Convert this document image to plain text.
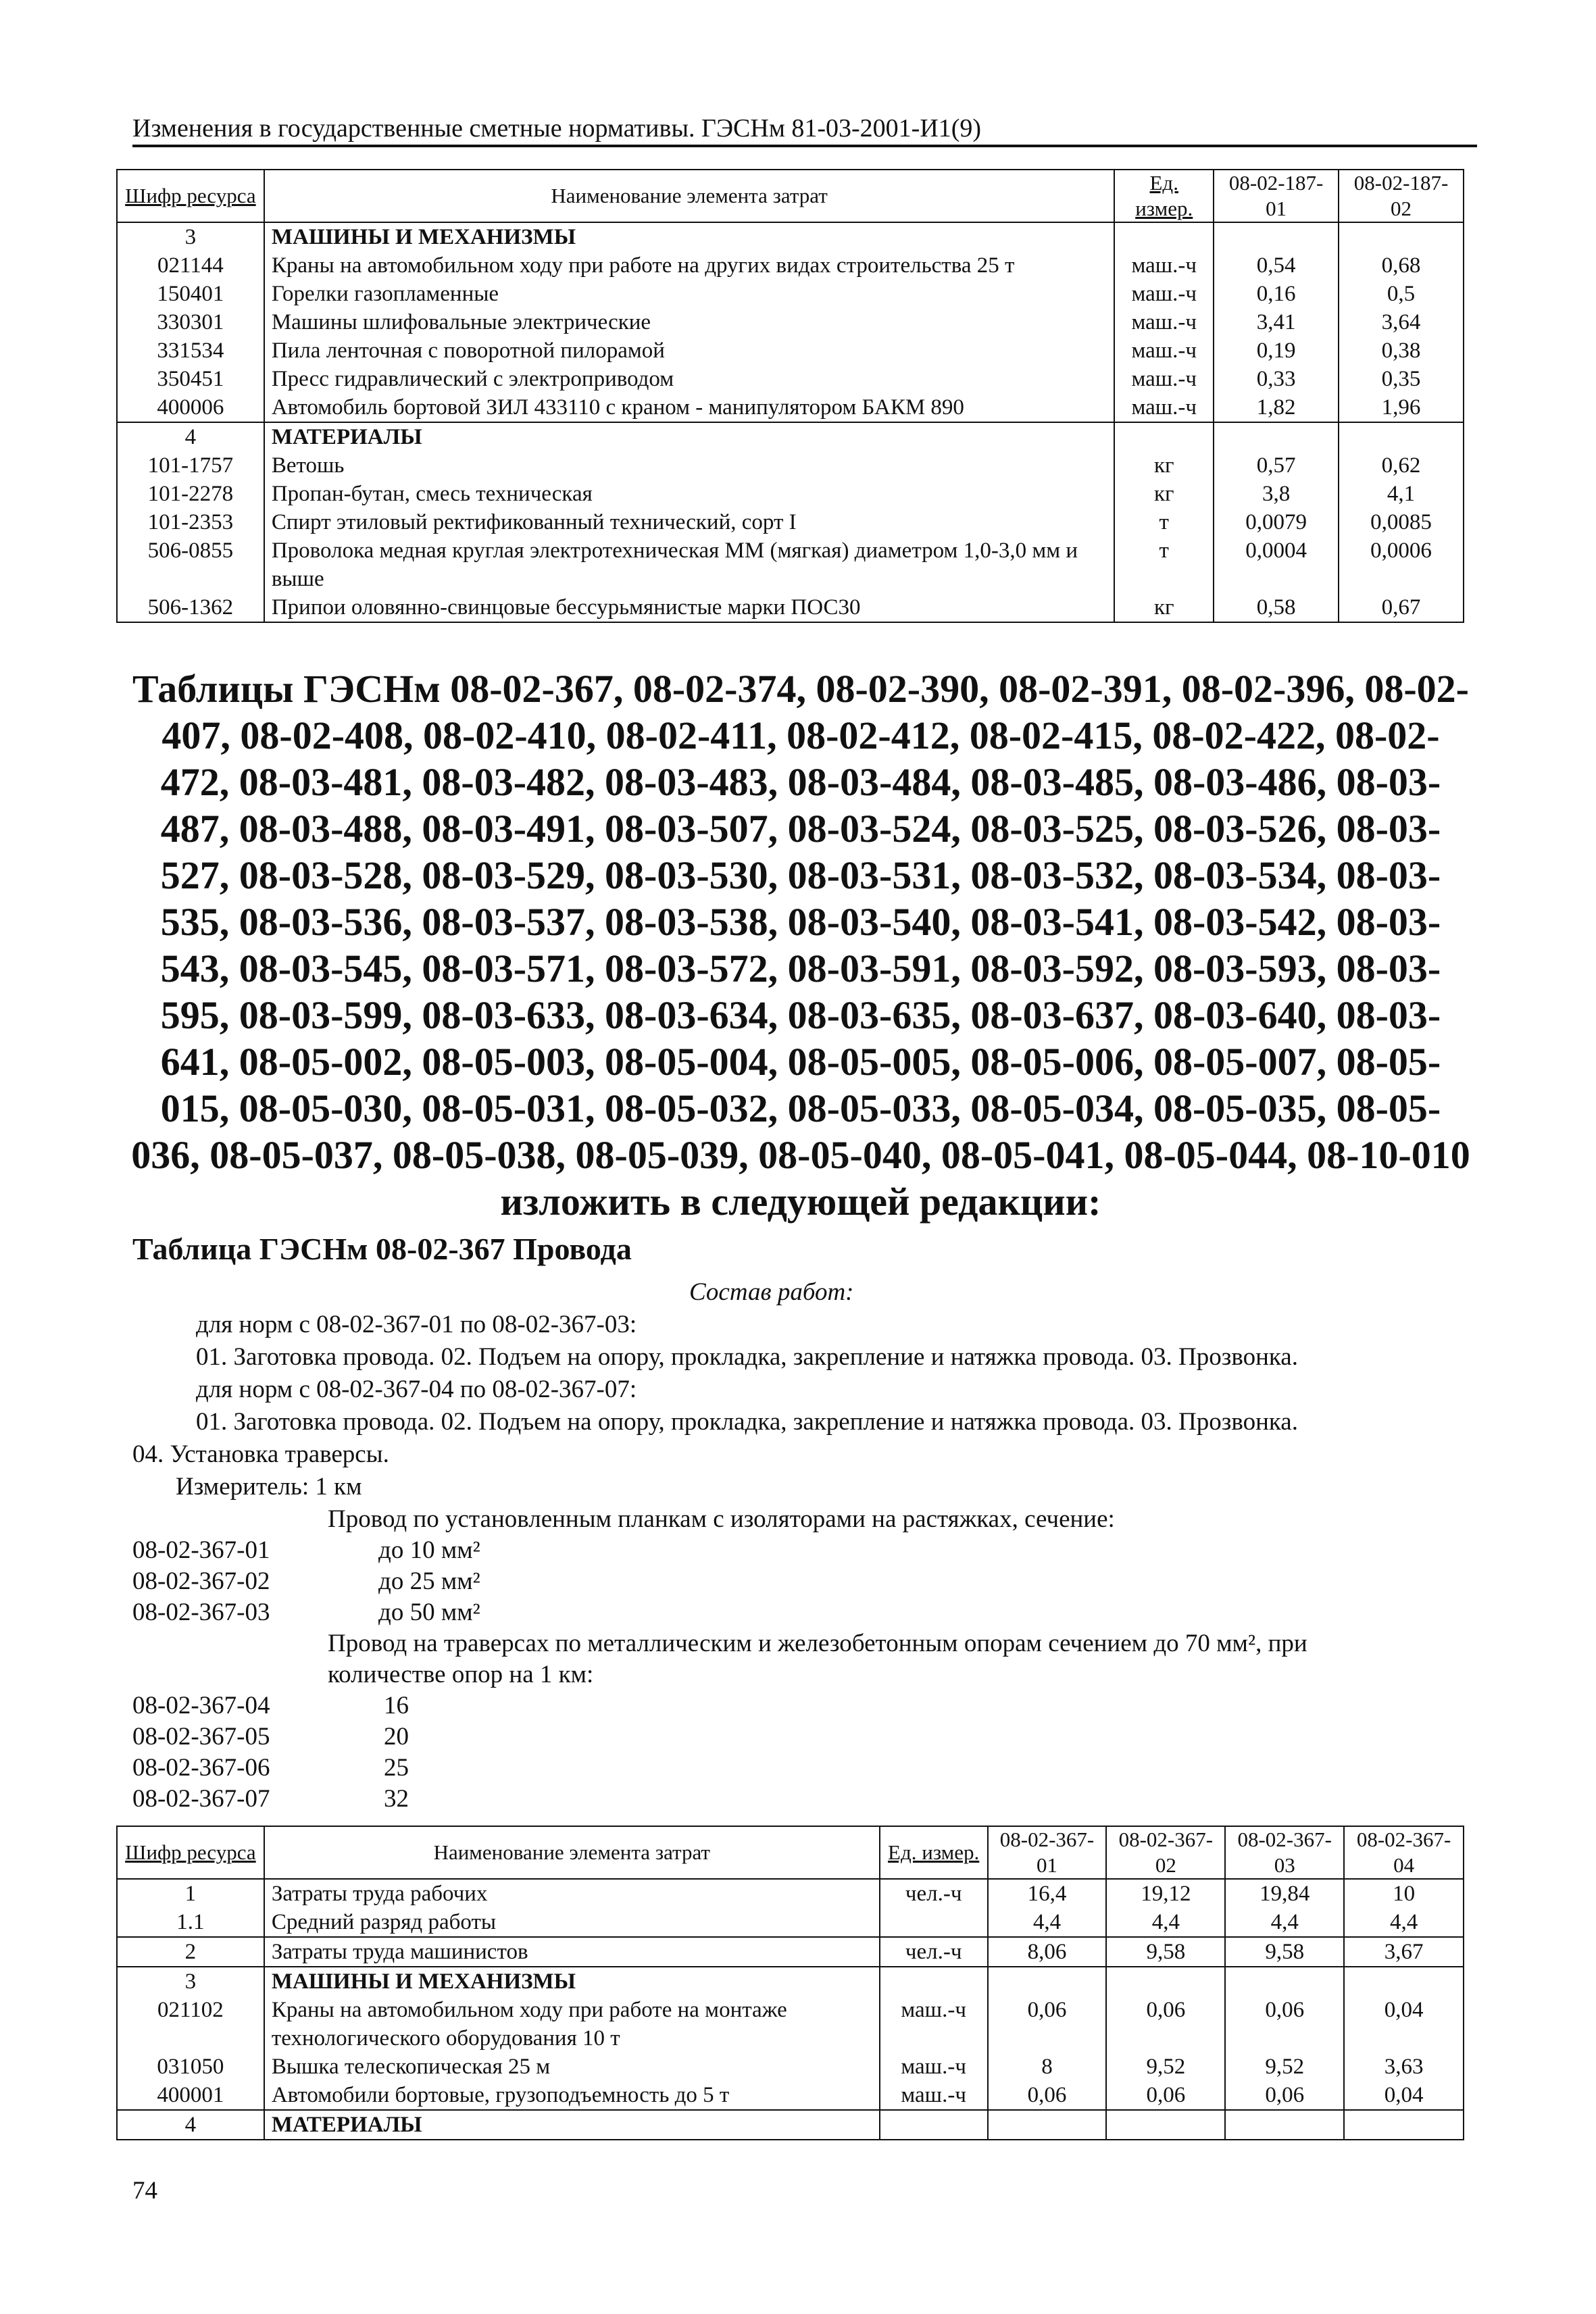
Изменения в государственные сметные нормативы. ГЭСНм 81-03-2001-И1(9)
Шифр ресурса	Наименование элемента затрат	Ед. измер.	08-02-187-01	08-02-187-02
3	МАШИНЫ И МЕХАНИЗМЫ			
021144	Краны на автомобильном ходу при работе на других видах строительства 25 т	маш.-ч	0,54	0,68
150401	Горелки газопламенные	маш.-ч	0,16	0,5
330301	Машины шлифовальные электрические	маш.-ч	3,41	3,64
331534	Пила ленточная с поворотной пилорамой	маш.-ч	0,19	0,38
350451	Пресс гидравлический с электроприводом	маш.-ч	0,33	0,35
400006	Автомобиль бортовой ЗИЛ 433110 с краном - манипулятором БАКМ 890	маш.-ч	1,82	1,96
4	МАТЕРИАЛЫ			
101-1757	Ветошь	кг	0,57	0,62
101-2278	Пропан-бутан, смесь техническая	кг	3,8	4,1
101-2353	Спирт этиловый ректификованный технический, сорт I	т	0,0079	0,0085
506-0855	Проволока медная круглая электротехническая ММ (мягкая) диаметром 1,0-3,0 мм и выше	т	0,0004	0,0006
506-1362	Припои оловянно-свинцовые бессурьмянистые марки ПОС30	кг	0,58	0,67
Таблицы ГЭСНм 08-02-367, 08-02-374, 08-02-390, 08-02-391, 08-02-396, 08-02-407, 08-02-408, 08-02-410, 08-02-411, 08-02-412, 08-02-415, 08-02-422, 08-02-472, 08-03-481, 08-03-482, 08-03-483, 08-03-484, 08-03-485, 08-03-486, 08-03-487, 08-03-488, 08-03-491, 08-03-507, 08-03-524, 08-03-525, 08-03-526, 08-03-527, 08-03-528, 08-03-529, 08-03-530, 08-03-531, 08-03-532, 08-03-534, 08-03-535, 08-03-536, 08-03-537, 08-03-538, 08-03-540, 08-03-541, 08-03-542, 08-03-543, 08-03-545, 08-03-571, 08-03-572, 08-03-591, 08-03-592, 08-03-593, 08-03-595, 08-03-599, 08-03-633, 08-03-634, 08-03-635, 08-03-637, 08-03-640, 08-03-641, 08-05-002, 08-05-003, 08-05-004, 08-05-005, 08-05-006, 08-05-007, 08-05-015, 08-05-030, 08-05-031, 08-05-032, 08-05-033, 08-05-034, 08-05-035, 08-05-036, 08-05-037, 08-05-038, 08-05-039, 08-05-040, 08-05-041, 08-05-044, 08-10-010 изложить в следующей редакции:
Таблица ГЭСНм 08-02-367 Провода
Состав работ:
для норм с 08-02-367-01 по 08-02-367-03:
01. Заготовка провода. 02. Подъем на опору, прокладка, закрепление и натяжка провода. 03. Прозвонка.
для норм с 08-02-367-04 по 08-02-367-07:
01. Заготовка провода. 02. Подъем на опору, прокладка, закрепление и натяжка провода. 03. Прозвонка.
04. Установка траверсы.
Измеритель: 1 км
Провод по установленным планкам с изоляторами на растяжках, сечение:
08-02-367-01	до 10 мм²
08-02-367-02	до 25 мм²
08-02-367-03	до 50 мм²
Провод на траверсах по металлическим и железобетонным опорам сечением до 70 мм², при
количестве опор на 1 км:
08-02-367-04	16
08-02-367-05	20
08-02-367-06	25
08-02-367-07	32
Шифр ресурса	Наименование элемента затрат	Ед. измер.	08-02-367-01	08-02-367-02	08-02-367-03	08-02-367-04
1	Затраты труда рабочих	чел.-ч	16,4	19,12	19,84	10
1.1	Средний разряд работы		4,4	4,4	4,4	4,4
2	Затраты труда машинистов	чел.-ч	8,06	9,58	9,58	3,67
3	МАШИНЫ И МЕХАНИЗМЫ					
021102	Краны на автомобильном ходу при работе на монтаже технологического оборудования 10 т	маш.-ч	0,06	0,06	0,06	0,04
031050	Вышка телескопическая 25 м	маш.-ч	8	9,52	9,52	3,63
400001	Автомобили бортовые, грузоподъемность до 5 т	маш.-ч	0,06	0,06	0,06	0,04
4	МАТЕРИАЛЫ					
74
